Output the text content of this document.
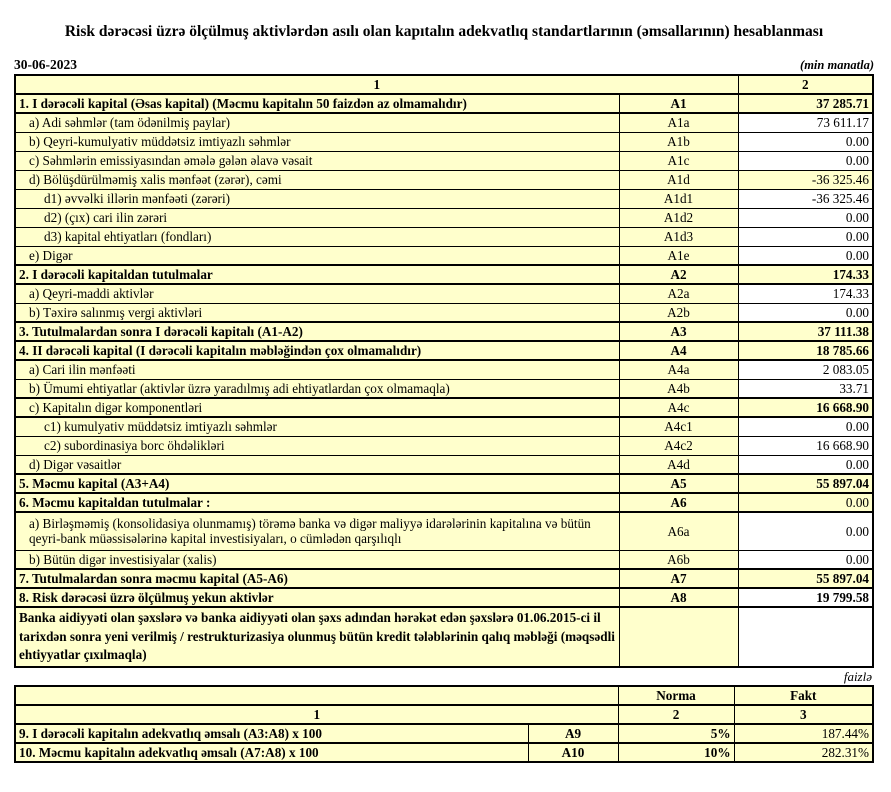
Risk dərəcəsi üzrə ölçülmuş aktivlərdən asılı olan kapıtalın adekvatlıq standartlarının (əmsallarının) hesablanması
30-06-2023	(min manatla)
1		2
1. I dərəcəli kapital (Əsas kapital) (Məcmu kapitalın 50 faizdən az olmamalıdır)	A1	37 285.71
a) Adi səhmlər (tam ödənilmiş paylar)	A1a	73 611.17
b) Qeyri-kumulyativ müddətsiz imtiyazlı səhmlər	A1b	0.00
c) Səhmlərin emissiyasından əmələ gələn əlavə vəsait	A1c	0.00
d) Bölüşdürülməmiş xalis mənfəət (zərər), cəmi	A1d	-36 325.46
d1) əvvəlki illərin mənfəəti (zərəri)	A1d1	-36 325.46
d2) (çıx) cari ilin zərəri	A1d2	0.00
d3) kapital ehtiyatları (fondları)	A1d3	0.00
e) Digər	A1e	0.00
2. I dərəcəli kapitaldan tutulmalar	A2	174.33
a) Qeyri-maddi aktivlər	A2a	174.33
b) Təxirə salınmış vergi aktivləri	A2b	0.00
3. Tutulmalardan sonra I dərəcəli kapitalı (A1-A2)	A3	37 111.38
4. II dərəcəli kapital (I dərəcəli kapitalın məbləğindən çox olmamalıdır)	A4	18 785.66
a) Cari ilin mənfəəti	A4a	2 083.05
b) Ümumi ehtiyatlar (aktivlər üzrə yaradılmış adi ehtiyatlardan çox olmamaqla)	A4b	33.71
c) Kapitalın digər komponentləri	A4c	16 668.90
c1) kumulyativ müddətsiz imtiyazlı səhmlər	A4c1	0.00
c2) subordinasiya borc öhdəlikləri	A4c2	16 668.90
d) Digər vəsaitlər	A4d	0.00
5. Məcmu kapital (A3+A4)	A5	55 897.04
6. Məcmu kapitaldan tutulmalar :	A6	0.00
a) Birləşməmiş (konsolidasiya olunmamış) törəmə banka və digər maliyyə idarələrinin kapitalına və bütün qeyri-bank müəssisələrinə kapital investisiyaları, o cümlədən qarşılıqlı	A6a	0.00
b) Bütün digər investisiyalar (xalis)	A6b	0.00
7. Tutulmalardan sonra məcmu kapital (A5-A6)	A7	55 897.04
8. Risk dərəcəsi üzrə ölçülmuş yekun aktivlər	A8	19 799.58
Banka aidiyyəti olan şəxslərə və banka aidiyyəti olan şəxs adından hərəkət edən şəxslərə 01.06.2015-ci il tarixdən sonra yeni verilmiş / restrukturizasiya olunmuş bütün kredit tələblərinin qalıq məbləği (məqsədli ehtiyyatlar çıxılmaqla)		
faizlə
		Norma	Fakt
1		2	3
9. I dərəcəli kapitalın adekvatlıq əmsalı (A3:A8) x 100	A9	5%	187.44%
10. Məcmu kapitalın adekvatlıq əmsalı (A7:A8) x 100	A10	10%	282.31%
